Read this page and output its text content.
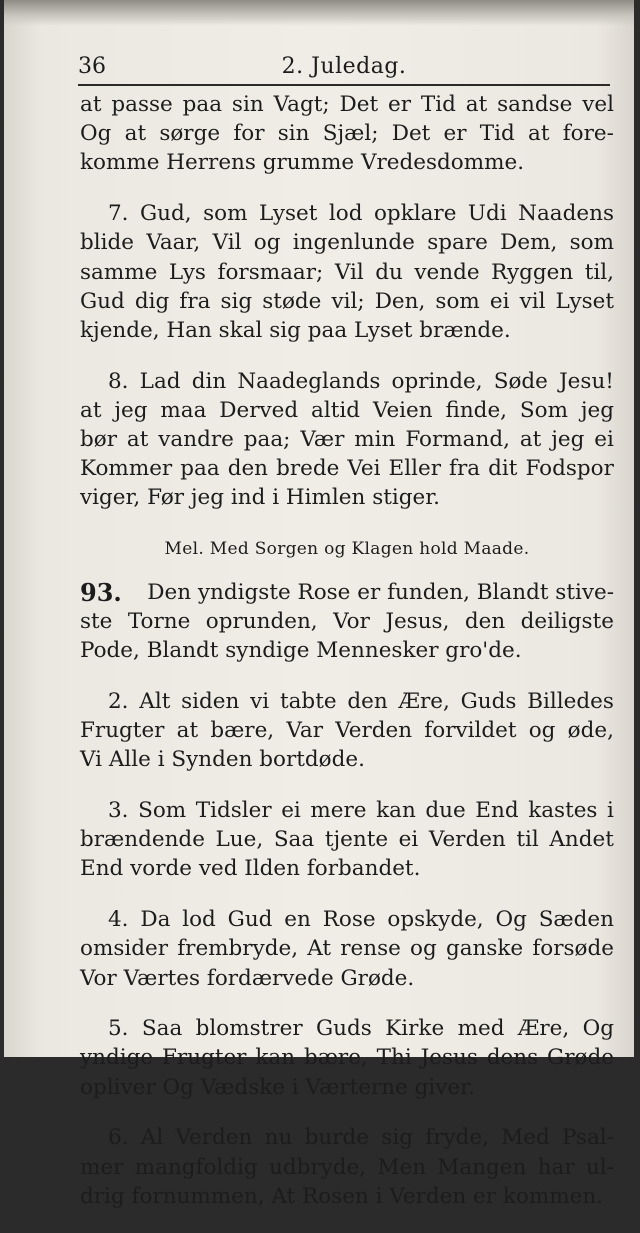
36	2. Juledag.

at passe paa sin Vagt; Det er Tid at sandse vel
Og at sørge for sin Sjæl; Det er Tid at fore-
komme Herrens grumme Vredesdomme.

7. Gud, som Lyset lod opklare Udi Naadens
blide Vaar, Vil og ingenlunde spare Dem, som
samme Lys forsmaar; Vil du vende Ryggen til,
Gud dig fra sig støde vil; Den, som ei vil Lyset
kjende, Han skal sig paa Lyset brænde.

8. Lad din Naadeglands oprinde, Søde Jesu!
at jeg maa Derved altid Veien finde, Som jeg
bør at vandre paa; Vær min Formand, at jeg ei
Kommer paa den brede Vei Eller fra dit Fodspor
viger, Før jeg ind i Himlen stiger.

Mel. Med Sorgen og Klagen hold Maade.

93. Den yndigste Rose er funden, Blandt stive-
ste Torne oprunden, Vor Jesus, den deiligste
Pode, Blandt syndige Mennesker gro'de.

2. Alt siden vi tabte den Ære, Guds Billedes
Frugter at bære, Var Verden forvildet og øde,
Vi Alle i Synden bortdøde.

3. Som Tidsler ei mere kan due End kastes i
brændende Lue, Saa tjente ei Verden til Andet
End vorde ved Ilden forbandet.

4. Da lod Gud en Rose opskyde, Og Sæden
omsider frembryde, At rense og ganske forsøde
Vor Værtes fordærvede Grøde.

5. Saa blomstrer Guds Kirke med Ære, Og
yndige Frugter kan bære, Thi Jesus dens Grøde
opliver Og Vædske i Værterne giver.

6. Al Verden nu burde sig fryde, Med Psal-
mer mangfoldig udbryde, Men Mangen har ul-
drig fornummen, At Rosen i Verden er kommen.
